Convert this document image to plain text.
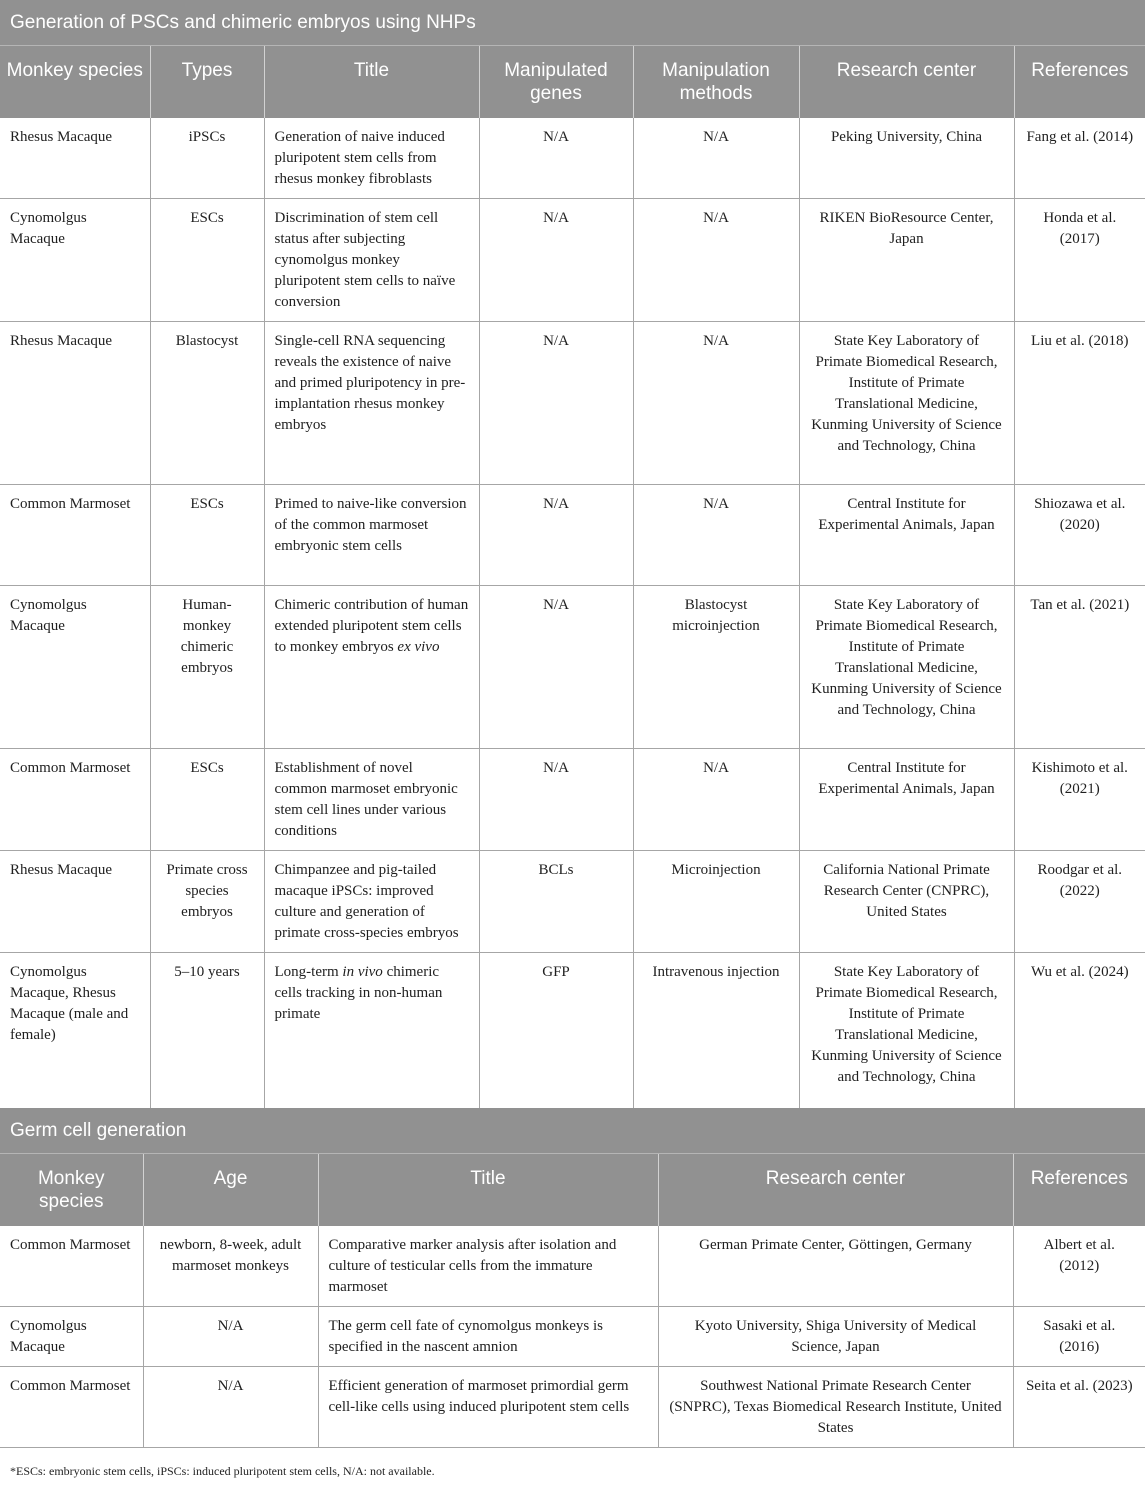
Generation of PSCs and chimeric embryos using NHPs						
Monkey species	Types	Title	Manipulated genes	Manipulation methods	Research center	References
Rhesus Macaque	iPSCs	Generation of naive induced pluripotent stem cells from rhesus monkey fibroblasts	N/A	N/A	Peking University, China	Fang et al. (2014)
Cynomolgus Macaque	ESCs	Discrimination of stem cell status after subjecting cynomolgus monkey pluripotent stem cells to naïve conversion	N/A	N/A	RIKEN BioResource Center, Japan	Honda et al. (2017)
Rhesus Macaque	Blastocyst	Single-cell RNA sequencing reveals the existence of naive and primed pluripotency in pre-implantation rhesus monkey embryos	N/A	N/A	State Key Laboratory of Primate Biomedical Research, Institute of Primate Translational Medicine, Kunming University of Science and Technology, China	Liu et al. (2018)
Common Marmoset	ESCs	Primed to naive-like conversion of the common marmoset embryonic stem cells	N/A	N/A	Central Institute for Experimental Animals, Japan	Shiozawa et al. (2020)
Cynomolgus Macaque	Human-monkey chimeric embryos	Chimeric contribution of human extended pluripotent stem cells to monkey embryos ex vivo	N/A	Blastocyst microinjection	State Key Laboratory of Primate Biomedical Research, Institute of Primate Translational Medicine, Kunming University of Science and Technology, China	Tan et al. (2021)
Common Marmoset	ESCs	Establishment of novel common marmoset embryonic stem cell lines under various conditions	N/A	N/A	Central Institute for Experimental Animals, Japan	Kishimoto et al. (2021)
Rhesus Macaque	Primate cross species embryos	Chimpanzee and pig-tailed macaque iPSCs: improved culture and generation of primate cross-species embryos	BCLs	Microinjection	California National Primate Research Center (CNPRC), United States	Roodgar et al. (2022)
Cynomolgus Macaque, Rhesus Macaque (male and female)	5–10 years	Long-term in vivo chimeric cells tracking in non-human primate	GFP	Intravenous injection	State Key Laboratory of Primate Biomedical Research, Institute of Primate Translational Medicine, Kunming University of Science and Technology, China	Wu et al. (2024)
Germ cell generation				
Monkey species	Age	Title	Research center	References
Common Marmoset	newborn, 8-week, adult marmoset monkeys	Comparative marker analysis after isolation and culture of testicular cells from the immature marmoset	German Primate Center, Göttingen, Germany	Albert et al. (2012)
Cynomolgus Macaque	N/A	The germ cell fate of cynomolgus monkeys is specified in the nascent amnion	Kyoto University, Shiga University of Medical Science, Japan	Sasaki et al. (2016)
Common Marmoset	N/A	Efficient generation of marmoset primordial germ cell-like cells using induced pluripotent stem cells	Southwest National Primate Research Center (SNPRC), Texas Biomedical Research Institute, United States	Seita et al. (2023)
*ESCs: embryonic stem cells, iPSCs: induced pluripotent stem cells, N/A: not available.
